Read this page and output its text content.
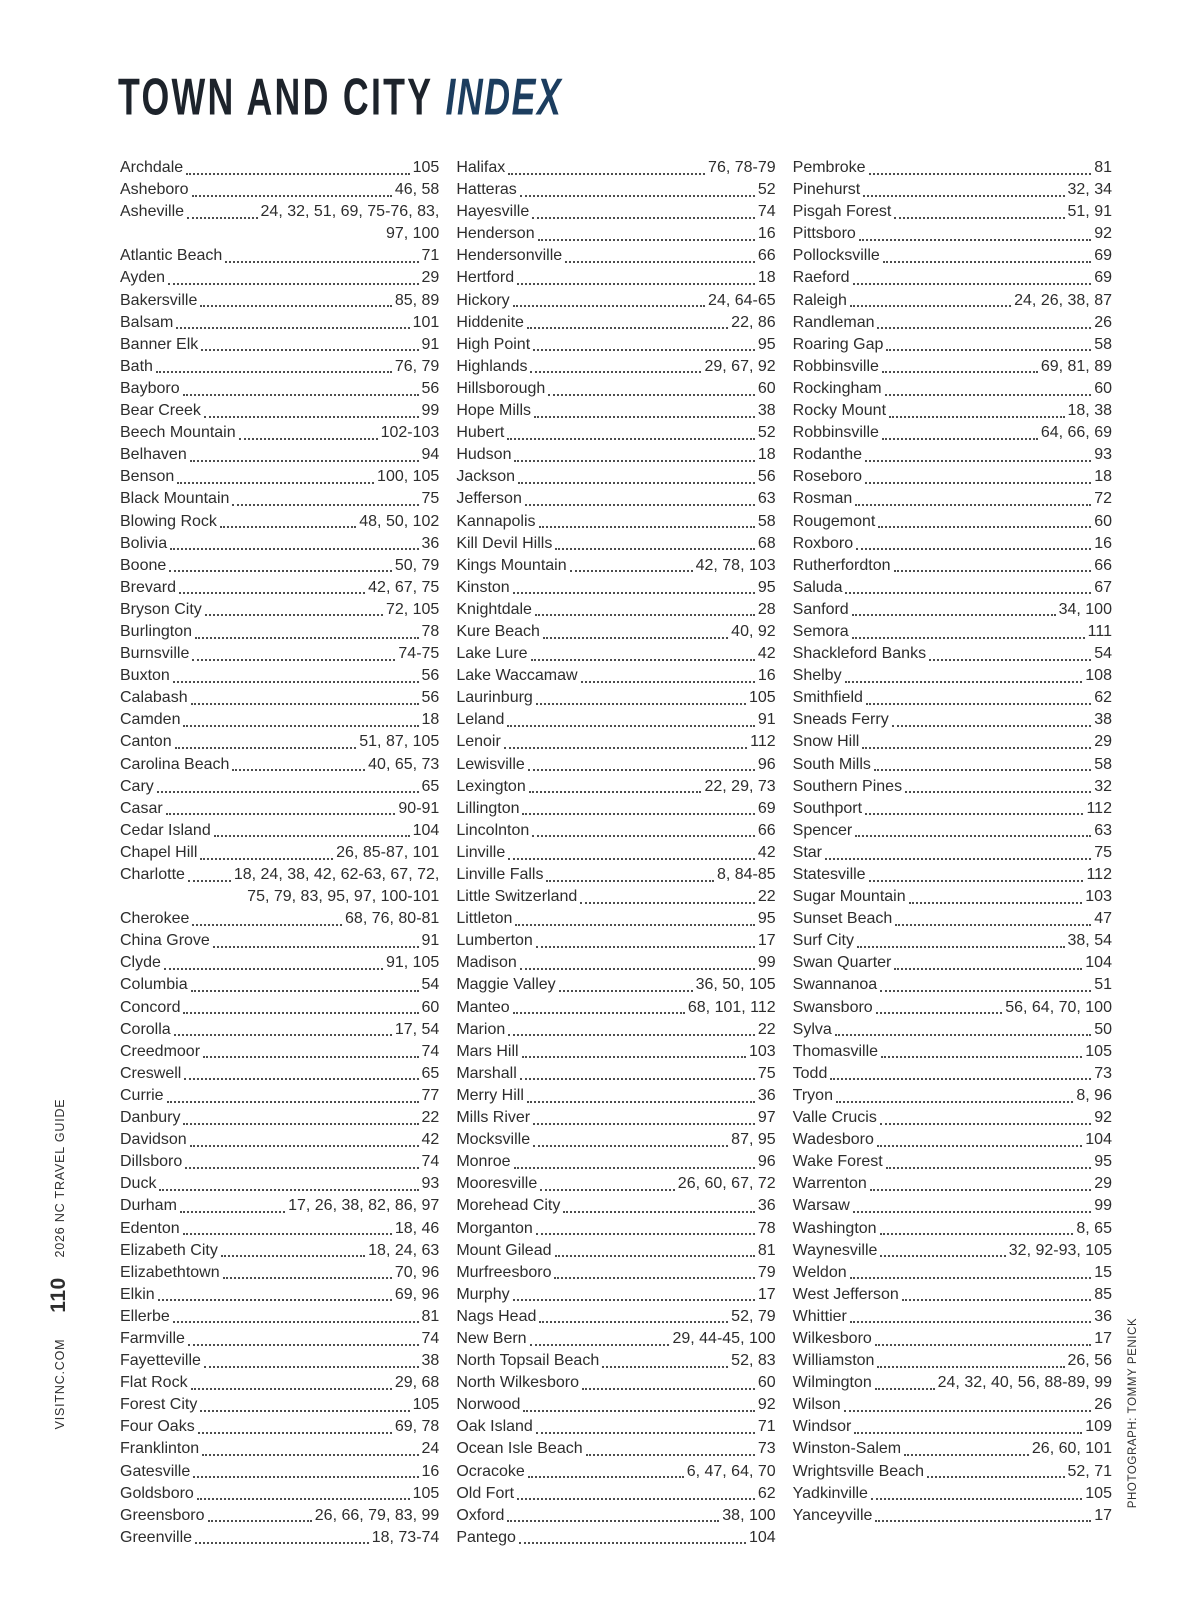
TOWN AND CITY INDEX
Archdale	105
Asheboro	46, 58
Asheville	24, 32, 51, 69, 75-76, 83,
97, 100
Atlantic Beach	71
Ayden	29
Bakersville	85, 89
Balsam	101
Banner Elk	91
Bath	76, 79
Bayboro	56
Bear Creek	99
Beech Mountain	102-103
Belhaven	94
Benson	100, 105
Black Mountain	75
Blowing Rock	48, 50, 102
Bolivia	36
Boone	50, 79
Brevard	42, 67, 75
Bryson City	72, 105
Burlington	78
Burnsville	74-75
Buxton	56
Calabash	56
Camden	18
Canton	51, 87, 105
Carolina Beach	40, 65, 73
Cary	65
Casar	90-91
Cedar Island	104
Chapel Hill	26, 85-87, 101
Charlotte	18, 24, 38, 42, 62-63, 67, 72,
75, 79, 83, 95, 97, 100-101
Cherokee	68, 76, 80-81
China Grove	91
Clyde	91, 105
Columbia	54
Concord	60
Corolla	17, 54
Creedmoor	74
Creswell	65
Currie	77
Danbury	22
Davidson	42
Dillsboro	74
Duck	93
Durham	17, 26, 38, 82, 86, 97
Edenton	18, 46
Elizabeth City	18, 24, 63
Elizabethtown	70, 96
Elkin	69, 96
Ellerbe	81
Farmville	74
Fayetteville	38
Flat Rock	29, 68
Forest City	105
Four Oaks	69, 78
Franklinton	24
Gatesville	16
Goldsboro	105
Greensboro	26, 66, 79, 83, 99
Greenville	18, 73-74
Halifax	76, 78-79
Hatteras	52
Hayesville	74
Henderson	16
Hendersonville	66
Hertford	18
Hickory	24, 64-65
Hiddenite	22, 86
High Point	95
Highlands	29, 67, 92
Hillsborough	60
Hope Mills	38
Hubert	52
Hudson	18
Jackson	56
Jefferson	63
Kannapolis	58
Kill Devil Hills	68
Kings Mountain	42, 78, 103
Kinston	95
Knightdale	28
Kure Beach	40, 92
Lake Lure	42
Lake Waccamaw	16
Laurinburg	105
Leland	91
Lenoir	112
Lewisville	96
Lexington	22, 29, 73
Lillington	69
Lincolnton	66
Linville	42
Linville Falls	8, 84-85
Little Switzerland	22
Littleton	95
Lumberton	17
Madison	99
Maggie Valley	36, 50, 105
Manteo	68, 101, 112
Marion	22
Mars Hill	103
Marshall	75
Merry Hill	36
Mills River	97
Mocksville	87, 95
Monroe	96
Mooresville	26, 60, 67, 72
Morehead City	36
Morganton	78
Mount Gilead	81
Murfreesboro	79
Murphy	17
Nags Head	52, 79
New Bern	29, 44-45, 100
North Topsail Beach	52, 83
North Wilkesboro	60
Norwood	92
Oak Island	71
Ocean Isle Beach	73
Ocracoke	6, 47, 64, 70
Old Fort	62
Oxford	38, 100
Pantego	104
Pembroke	81
Pinehurst	32, 34
Pisgah Forest	51, 91
Pittsboro	92
Pollocksville	69
Raeford	69
Raleigh	24, 26, 38, 87
Randleman	26
Roaring Gap	58
Robbinsville	69, 81, 89
Rockingham	60
Rocky Mount	18, 38
Robbinsville	64, 66, 69
Rodanthe	93
Roseboro	18
Rosman	72
Rougemont	60
Roxboro	16
Rutherfordton	66
Saluda	67
Sanford	34, 100
Semora	111
Shackleford Banks	54
Shelby	108
Smithfield	62
Sneads Ferry	38
Snow Hill	29
South Mills	58
Southern Pines	32
Southport	112
Spencer	63
Star	75
Statesville	112
Sugar Mountain	103
Sunset Beach	47
Surf City	38, 54
Swan Quarter	104
Swannanoa	51
Swansboro	56, 64, 70, 100
Sylva	50
Thomasville	105
Todd	73
Tryon	8, 96
Valle Crucis	92
Wadesboro	104
Wake Forest	95
Warrenton	29
Warsaw	99
Washington	8, 65
Waynesville	32, 92-93, 105
Weldon	15
West Jefferson	85
Whittier	36
Wilkesboro	17
Williamston	26, 56
Wilmington	24, 32, 40, 56, 88-89, 99
Wilson	26
Windsor	109
Winston-Salem	26, 60, 101
Wrightsville Beach	52, 71
Yadkinville	105
Yanceyville	17
2026 NC TRAVEL GUIDE
110
VISITNC.COM	PHOTOGRAPH: TOMMY PENICK
